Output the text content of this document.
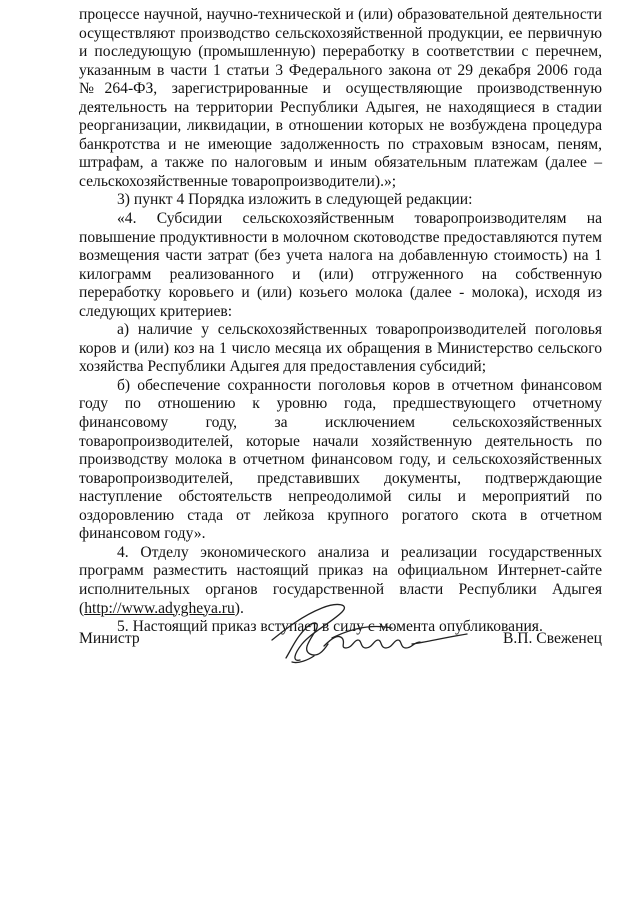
процессе научной, научно-технической и (или) образовательной деятельности осуществляют производство сельскохозяйственной продукции, ее первичную и последующую (промышленную) переработку в соответствии с перечнем, указанным в части 1 статьи 3 Федерального закона от 29 декабря 2006 года №264-ФЗ, зарегистрированные и осуществляющие производственную деятельность на территории Республики Адыгея, не находящиеся в стадии реорганизации, ликвидации, в отношении которых не возбуждена процедура банкротства и не имеющие задолженность по страховым взносам, пеням, штрафам, а также по налоговым и иным обязательным платежам (далее – сельскохозяйственные товаропроизводители).»;

3) пункт 4 Порядка изложить в следующей редакции:

«4. Субсидии сельскохозяйственным товаропроизводителям на повышение продуктивности в молочном скотоводстве предоставляются путем возмещения части затрат (без учета налога на добавленную стоимость) на 1 килограмм реализованного и (или) отгруженного на собственную переработку коровьего и (или) козьего молока (далее - молока), исходя из следующих критериев:

а) наличие у сельскохозяйственных товаропроизводителей поголовья коров и (или) коз на 1 число месяца их обращения в Министерство сельского хозяйства Республики Адыгея для предоставления субсидий;

б) обеспечение сохранности поголовья коров в отчетном финансовом году по отношению к уровню года, предшествующего отчетному финансовому году, за исключением сельскохозяйственных товаропроизводителей, которые начали хозяйственную деятельность по производству молока в отчетном финансовом году, и сельскохозяйственных товаропроизводителей, представивших документы, подтверждающие наступление обстоятельств непреодолимой силы и мероприятий по оздоровлению стада от лейкоза крупного рогатого скота в отчетном финансовом году».

4. Отделу экономического анализа и реализации государственных программ разместить настоящий приказ на официальном Интернет-сайте исполнительных органов государственной власти Республики Адыгея (http://www.adygheya.ru).

5. Настоящий приказ вступает в силу с момента опубликования.

Министр	В.П. Свеженец
